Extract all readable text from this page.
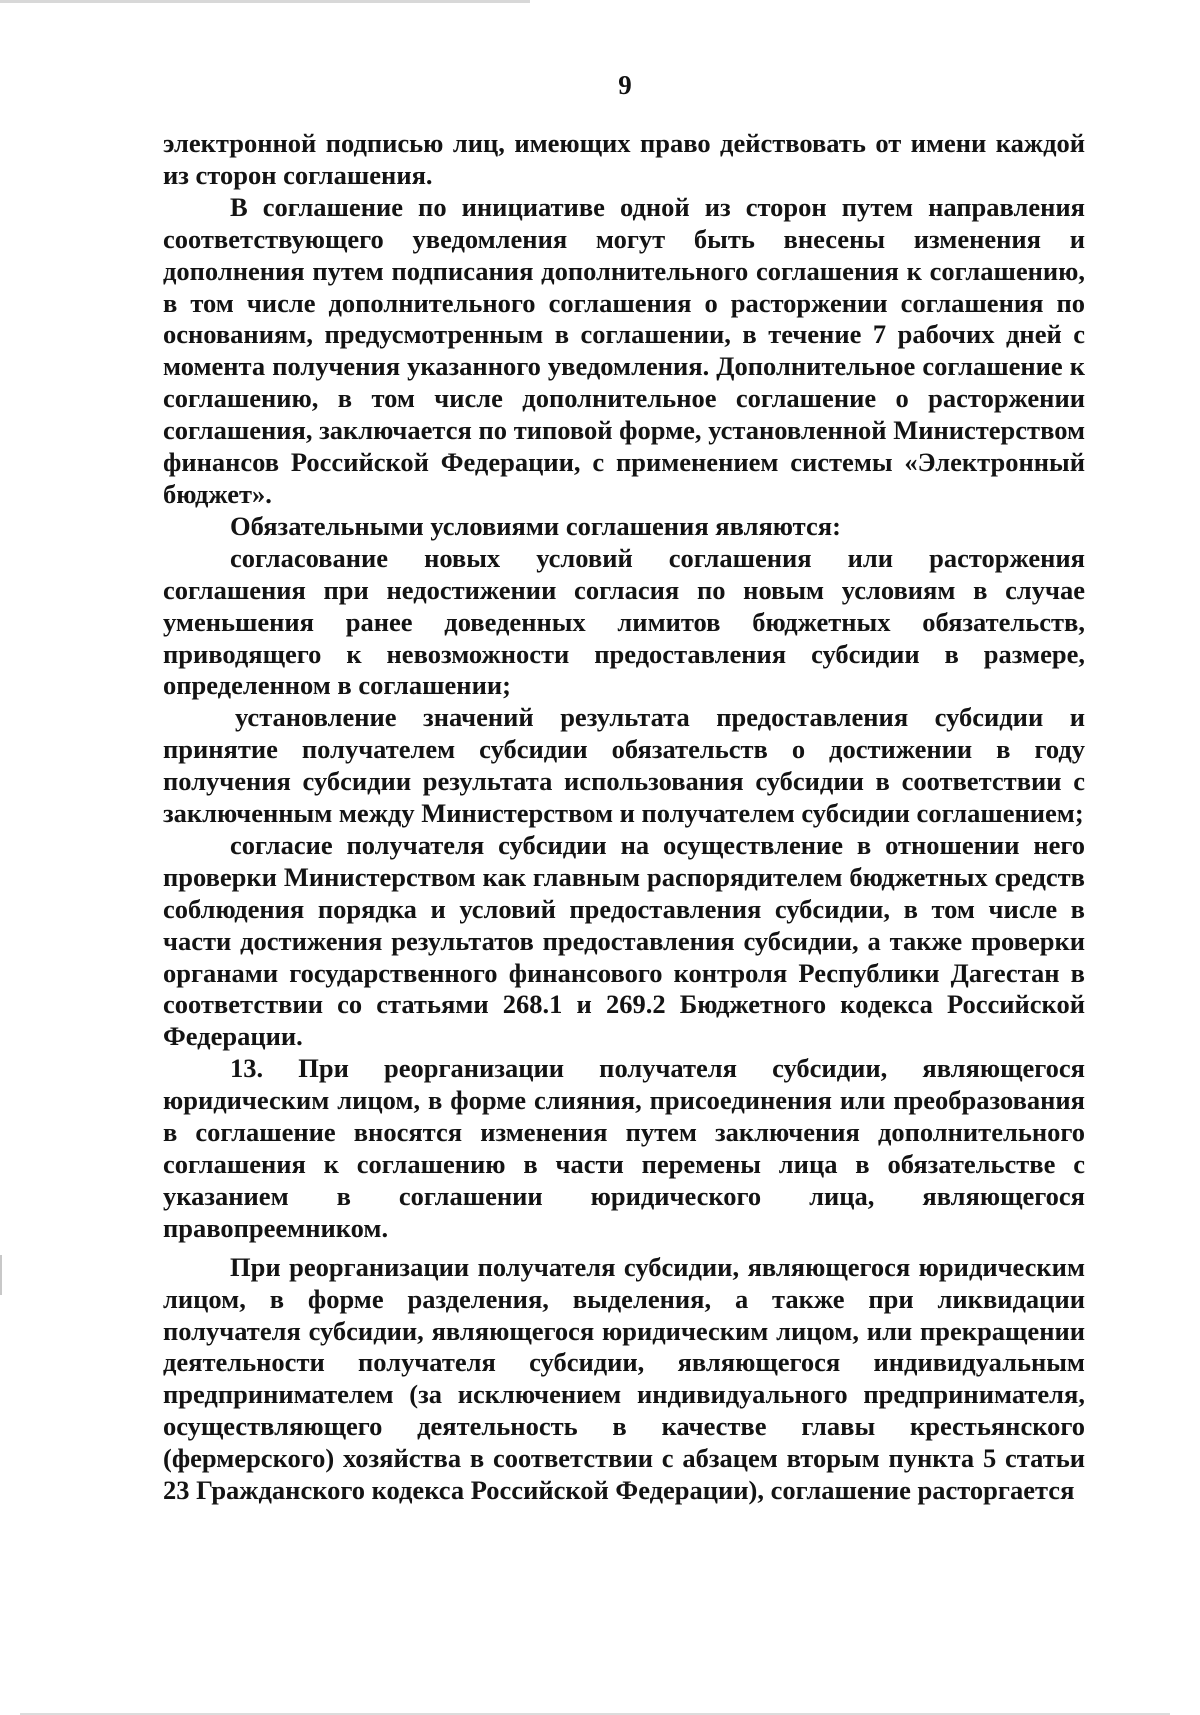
9

электронной подписью лиц, имеющих право действовать от имени каждой из сторон соглашения.

В соглашение по инициативе одной из сторон путем направления соответствующего уведомления могут быть внесены изменения и дополнения путем подписания дополнительного соглашения к соглашению, в том числе дополнительного соглашения о расторжении соглашения по основаниям, предусмотренным в соглашении, в течение 7 рабочих дней с момента получения указанного уведомления. Дополнительное соглашение к соглашению, в том числе дополнительное соглашение о расторжении соглашения, заключается по типовой форме, установленной Министерством финансов Российской Федерации, с применением системы «Электронный бюджет».

Обязательными условиями соглашения являются:

согласование новых условий соглашения или расторжения соглашения при недостижении согласия по новым условиям в случае уменьшения ранее доведенных лимитов бюджетных обязательств, приводящего к невозможности предоставления субсидии в размере, определенном в соглашении;

установление значений результата предоставления субсидии и принятие получателем субсидии обязательств о достижении в году получения субсидии результата использования субсидии в соответствии с заключенным между Министерством и получателем субсидии соглашением;

согласие получателя субсидии на осуществление в отношении него проверки Министерством как главным распорядителем бюджетных средств соблюдения порядка и условий предоставления субсидии, в том числе в части достижения результатов предоставления субсидии, а также проверки органами государственного финансового контроля Республики Дагестан в соответствии со статьями 268.1 и 269.2 Бюджетного кодекса Российской Федерации.

13. При реорганизации получателя субсидии, являющегося юридическим лицом, в форме слияния, присоединения или преобразования в соглашение вносятся изменения путем заключения дополнительного соглашения к соглашению в части перемены лица в обязательстве с указанием в соглашении юридического лица, являющегося правопреемником.

При реорганизации получателя субсидии, являющегося юридическим лицом, в форме разделения, выделения, а также при ликвидации получателя субсидии, являющегося юридическим лицом, или прекращении деятельности получателя субсидии, являющегося индивидуальным предпринимателем (за исключением индивидуального предпринимателя, осуществляющего деятельность в качестве главы крестьянского (фермерского) хозяйства в соответствии с абзацем вторым пункта 5 статьи 23 Гражданского кодекса Российской Федерации), соглашение расторгается
